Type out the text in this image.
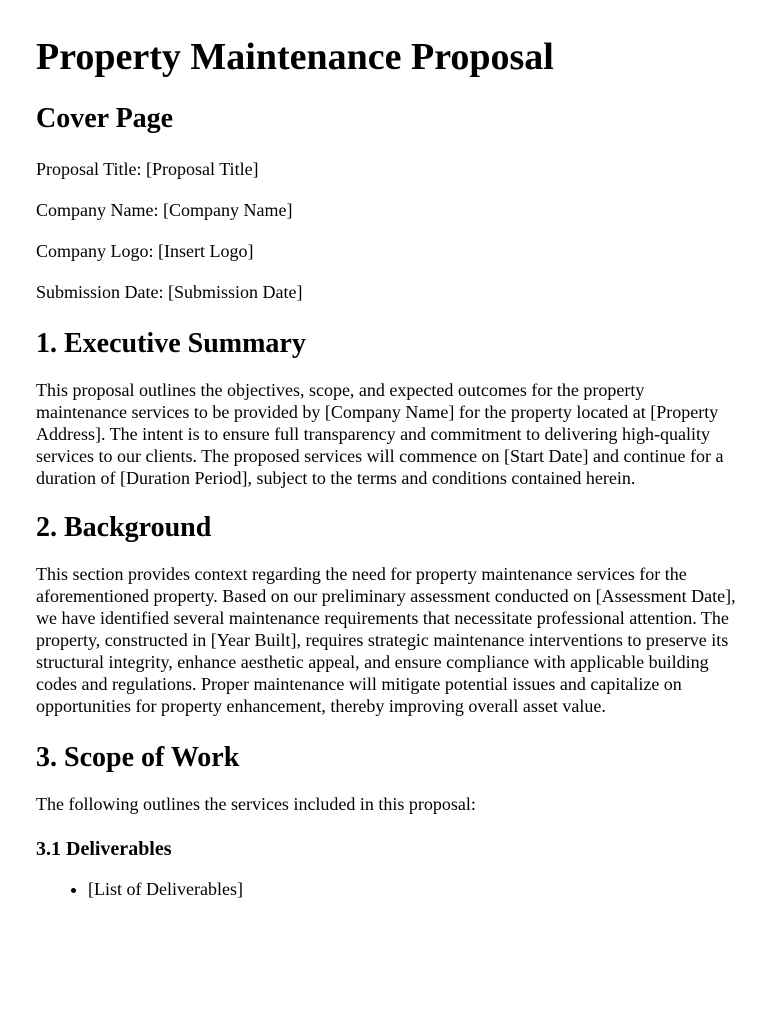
Property Maintenance Proposal
Cover Page

Proposal Title: [Proposal Title]

Company Name: [Company Name]

Company Logo: [Insert Logo]

Submission Date: [Submission Date]

1. Executive Summary

This proposal outlines the objectives, scope, and expected outcomes for the property maintenance services to be provided by [Company Name] for the property located at [Property Address]. The intent is to ensure full transparency and commitment to delivering high-quality services to our clients. The proposed services will commence on [Start Date] and continue for a duration of [Duration Period], subject to the terms and conditions contained herein.

2. Background

This section provides context regarding the need for property maintenance services for the aforementioned property. Based on our preliminary assessment conducted on [Assessment Date], we have identified several maintenance requirements that necessitate professional attention. The property, constructed in [Year Built], requires strategic maintenance interventions to preserve its structural integrity, enhance aesthetic appeal, and ensure compliance with applicable building codes and regulations. Proper maintenance will mitigate potential issues and capitalize on opportunities for property enhancement, thereby improving overall asset value.

3. Scope of Work

The following outlines the services included in this proposal:

3.1 Deliverables
• [List of Deliverables]
